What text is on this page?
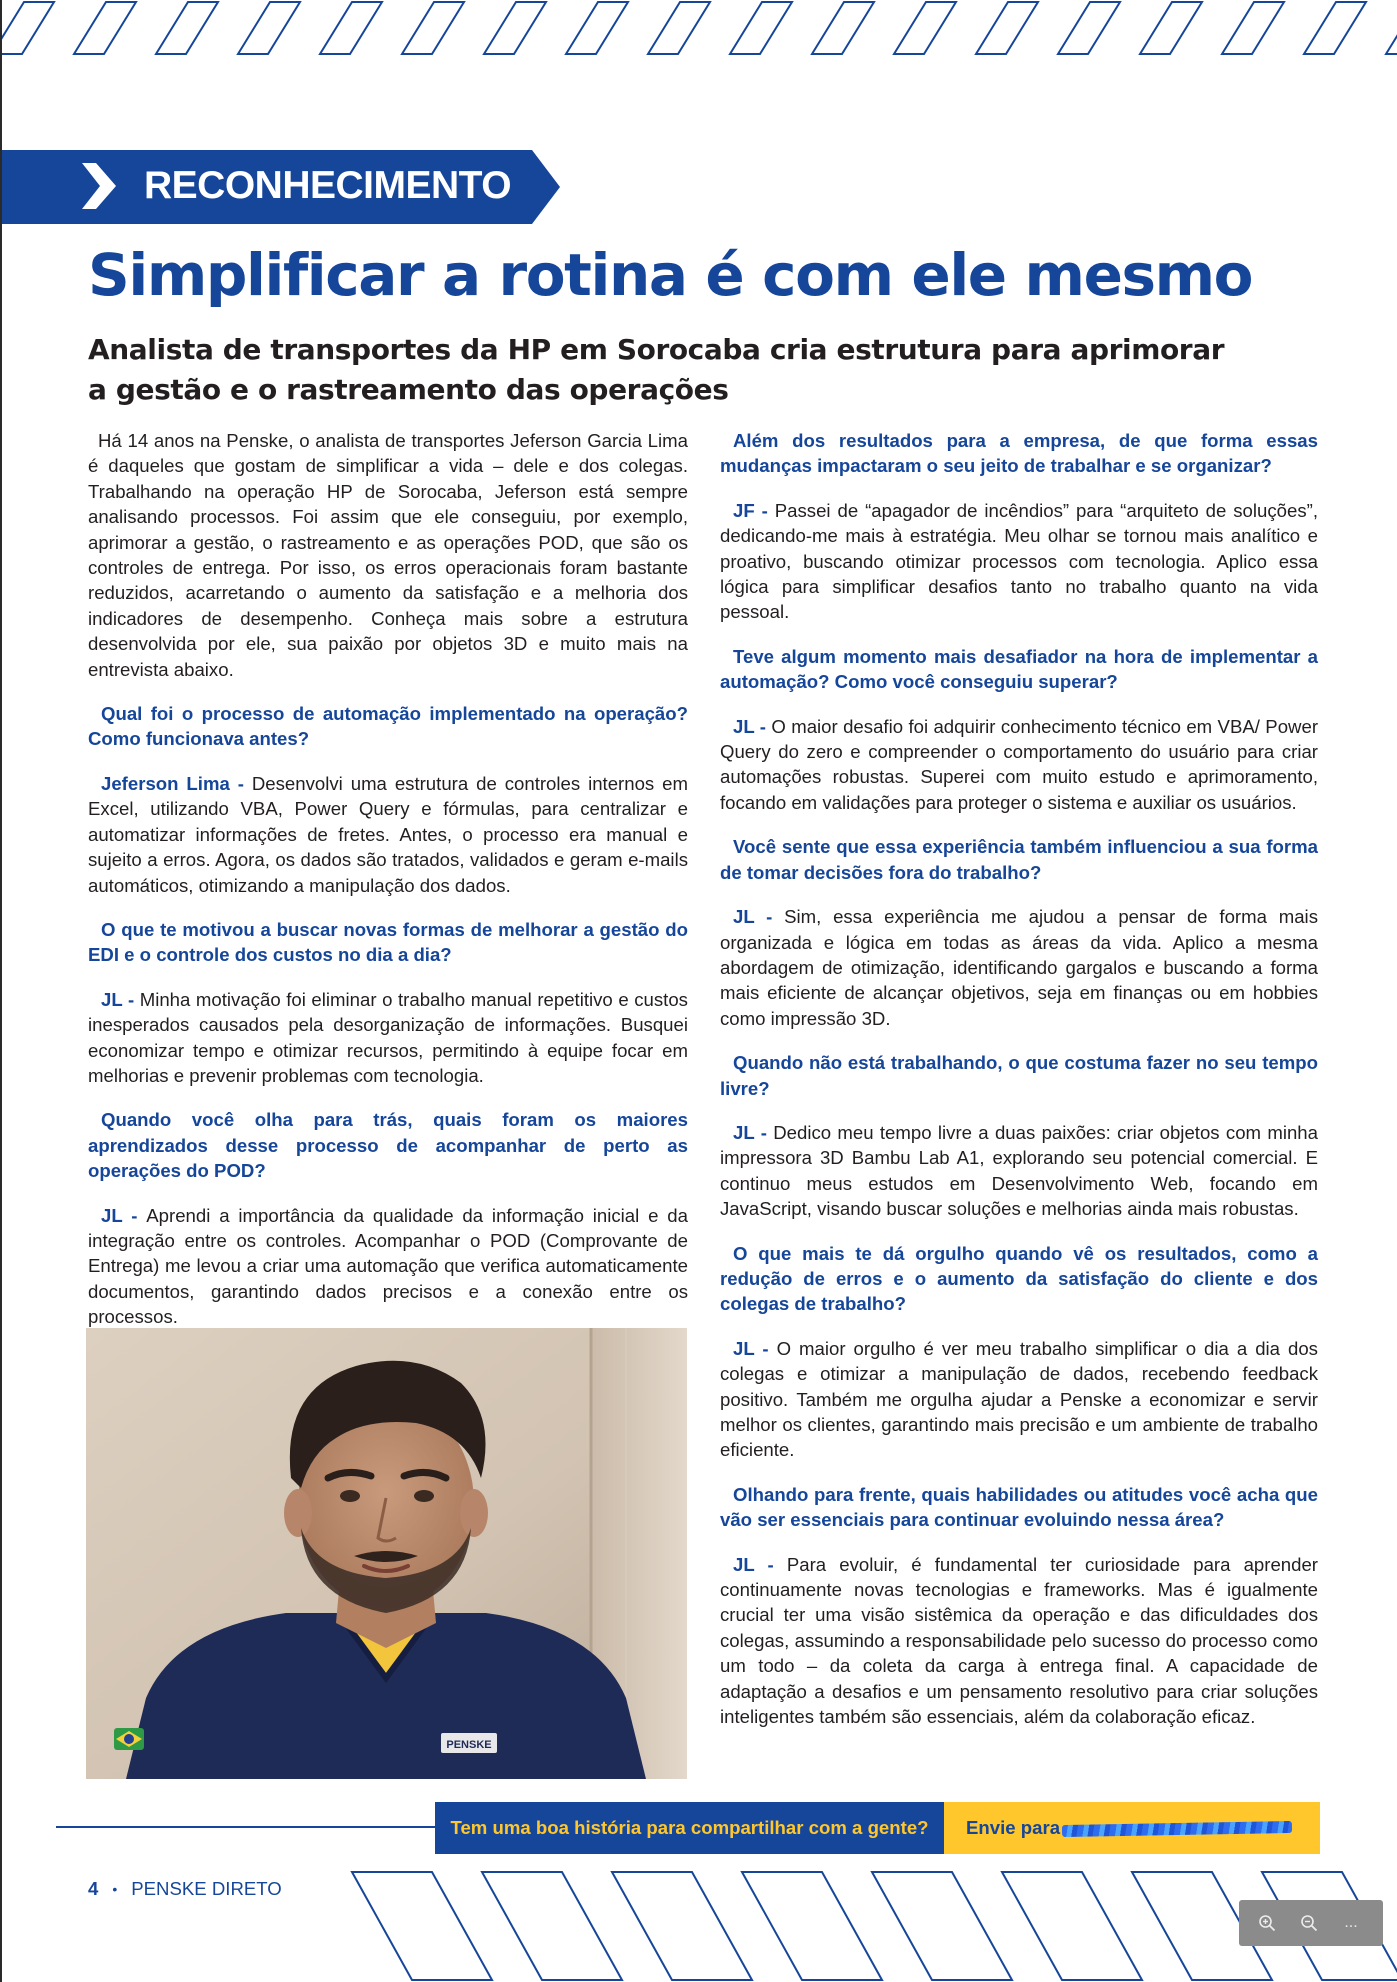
RECONHECIMENTO
Simplificar a rotina é com ele mesmo
Analista de transportes da HP em Sorocaba cria estrutura para aprimorar a gestão e o rastreamento das operações

Há 14 anos na Penske, o analista de transportes Jeferson Garcia Lima é daqueles que gostam de simplificar a vida – dele e dos colegas. Trabalhando na operação HP de Sorocaba, Jeferson está sempre analisando processos. Foi assim que ele conseguiu, por exemplo, aprimorar a gestão, o rastreamento e as operações POD, que são os controles de entrega. Por isso, os erros operacionais foram bastante reduzidos, acarretando o aumento da satisfação e a melhoria dos indicadores de desempenho. Conheça mais sobre a estrutura desenvolvida por ele, sua paixão por objetos 3D e muito mais na entrevista abaixo.

Qual foi o processo de automação implementado na operação? Como funcionava antes?

Jeferson Lima - Desenvolvi uma estrutura de controles internos em Excel, utilizando VBA, Power Query e fórmulas, para centralizar e automatizar informações de fretes. Antes, o processo era manual e sujeito a erros. Agora, os dados são tratados, validados e geram e-mails automáticos, otimizando a manipulação dos dados.

O que te motivou a buscar novas formas de melhorar a gestão do EDI e o controle dos custos no dia a dia?

JL - Minha motivação foi eliminar o trabalho manual repetitivo e custos inesperados causados pela desorganização de informações. Busquei economizar tempo e otimizar recursos, permitindo à equipe focar em melhorias e prevenir problemas com tecnologia.

Quando você olha para trás, quais foram os maiores aprendizados desse processo de acompanhar de perto as operações do POD?

JL - Aprendi a importância da qualidade da informação inicial e da integração entre os controles. Acompanhar o POD (Comprovante de Entrega) me levou a criar uma automação que verifica automaticamente documentos, garantindo dados precisos e a conexão entre os processos.

PENSKE

Além dos resultados para a empresa, de que forma essas mudanças impactaram o seu jeito de trabalhar e se organizar?

JF - Passei de “apagador de incêndios” para “arquiteto de soluções”, dedicando-me mais à estratégia. Meu olhar se tornou mais analítico e proativo, buscando otimizar processos com tecnologia. Aplico essa lógica para simplificar desafios tanto no trabalho quanto na vida pessoal.

Teve algum momento mais desafiador na hora de implementar a automação? Como você conseguiu superar?

JL - O maior desafio foi adquirir conhecimento técnico em VBA/ Power Query do zero e compreender o comportamento do usuário para criar automações robustas. Superei com muito estudo e aprimoramento, focando em validações para proteger o sistema e auxiliar os usuários.

Você sente que essa experiência também influenciou a sua forma de tomar decisões fora do trabalho?

JL - Sim, essa experiência me ajudou a pensar de forma mais organizada e lógica em todas as áreas da vida. Aplico a mesma abordagem de otimização, identificando gargalos e buscando a forma mais eficiente de alcançar objetivos, seja em finanças ou em hobbies como impressão 3D.

Quando não está trabalhando, o que costuma fazer no seu tempo livre?

JL - Dedico meu tempo livre a duas paixões: criar objetos com minha impressora 3D Bambu Lab A1, explorando seu potencial comercial. E continuo meus estudos em Desenvolvimento Web, focando em JavaScript, visando buscar soluções e melhorias ainda mais robustas.

O que mais te dá orgulho quando vê os resultados, como a redução de erros e o aumento da satisfação do cliente e dos colegas de trabalho?

JL - O maior orgulho é ver meu trabalho simplificar o dia a dia dos colegas e otimizar a manipulação de dados, recebendo feedback positivo. Também me orgulha ajudar a Penske a economizar e servir melhor os clientes, garantindo mais precisão e um ambiente de trabalho eficiente.

Olhando para frente, quais habilidades ou atitudes você acha que vão ser essenciais para continuar evoluindo nessa área?

JL - Para evoluir, é fundamental ter curiosidade para aprender continuamente novas tecnologias e frameworks. Mas é igualmente crucial ter uma visão sistêmica da operação e das dificuldades dos colegas, assumindo a responsabilidade pelo sucesso do processo como um todo – da coleta da carga à entrega final. A capacidade de adaptação a desafios e um pensamento resolutivo para criar soluções inteligentes também são essenciais, além da colaboração eficaz.

Tem uma boa história para compartilhar com a gente? Envie para
4 • PENSKE DIRETO
...
